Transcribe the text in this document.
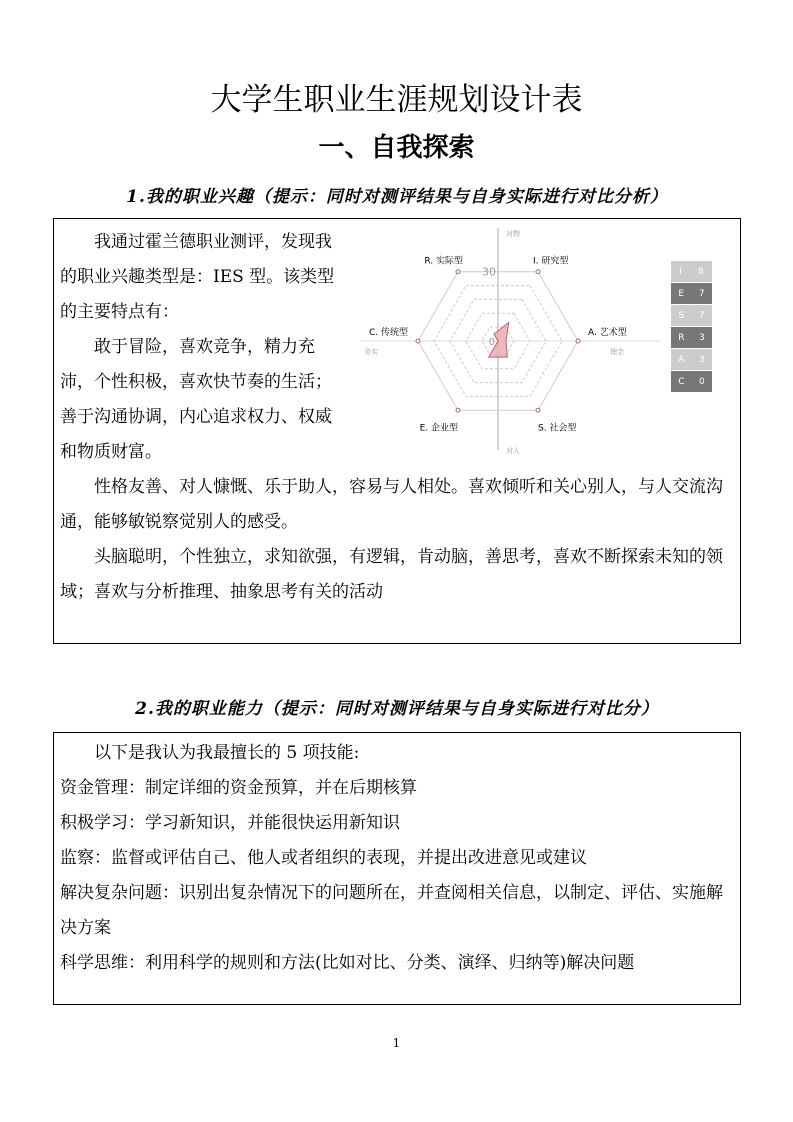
大学生职业生涯规划设计表
一、自我探索
1.我的职业兴趣（提示：同时对测评结果与自身实际进行对比分析）

我通过霍兰德职业测评，发现我的职业兴趣类型是：IES 型。该类型的主要特点有：

敢于冒险，喜欢竞争，精力充沛，个性积极，喜欢快节奏的生活；善于沟通协调，内心追求权力、权威和物质财富。

性格友善、对人慷慨、乐于助人，容易与人相处。喜欢倾听和关心别人，与人交流沟通，能够敏锐察觉别人的感受。

头脑聪明，个性独立，求知欲强，有逻辑，肯动脑，善思考，喜欢不断探索未知的领域；喜欢与分析推理、抽象思考有关的活动

I. 研究型
A. 艺术型
S. 社会型
E. 企业型
C. 传统型
R. 实际型
对物
对人
务实	理念
30
0
I 8
E 7
S 7
R 3
A 3
C 0
2.我的职业能力（提示：同时对测评结果与自身实际进行对比分）

以下是我认为我最擅长的 5 项技能:

资金管理：制定详细的资金预算，并在后期核算

积极学习：学习新知识，并能很快运用新知识

监察：监督或评估自己、他人或者组织的表现，并提出改进意见或建议

解决复杂问题：识别出复杂情况下的问题所在，并查阅相关信息，以制定、评估、实施解决方案

科学思维：利用科学的规则和方法(比如对比、分类、演绎、归纳等)解决问题

1
